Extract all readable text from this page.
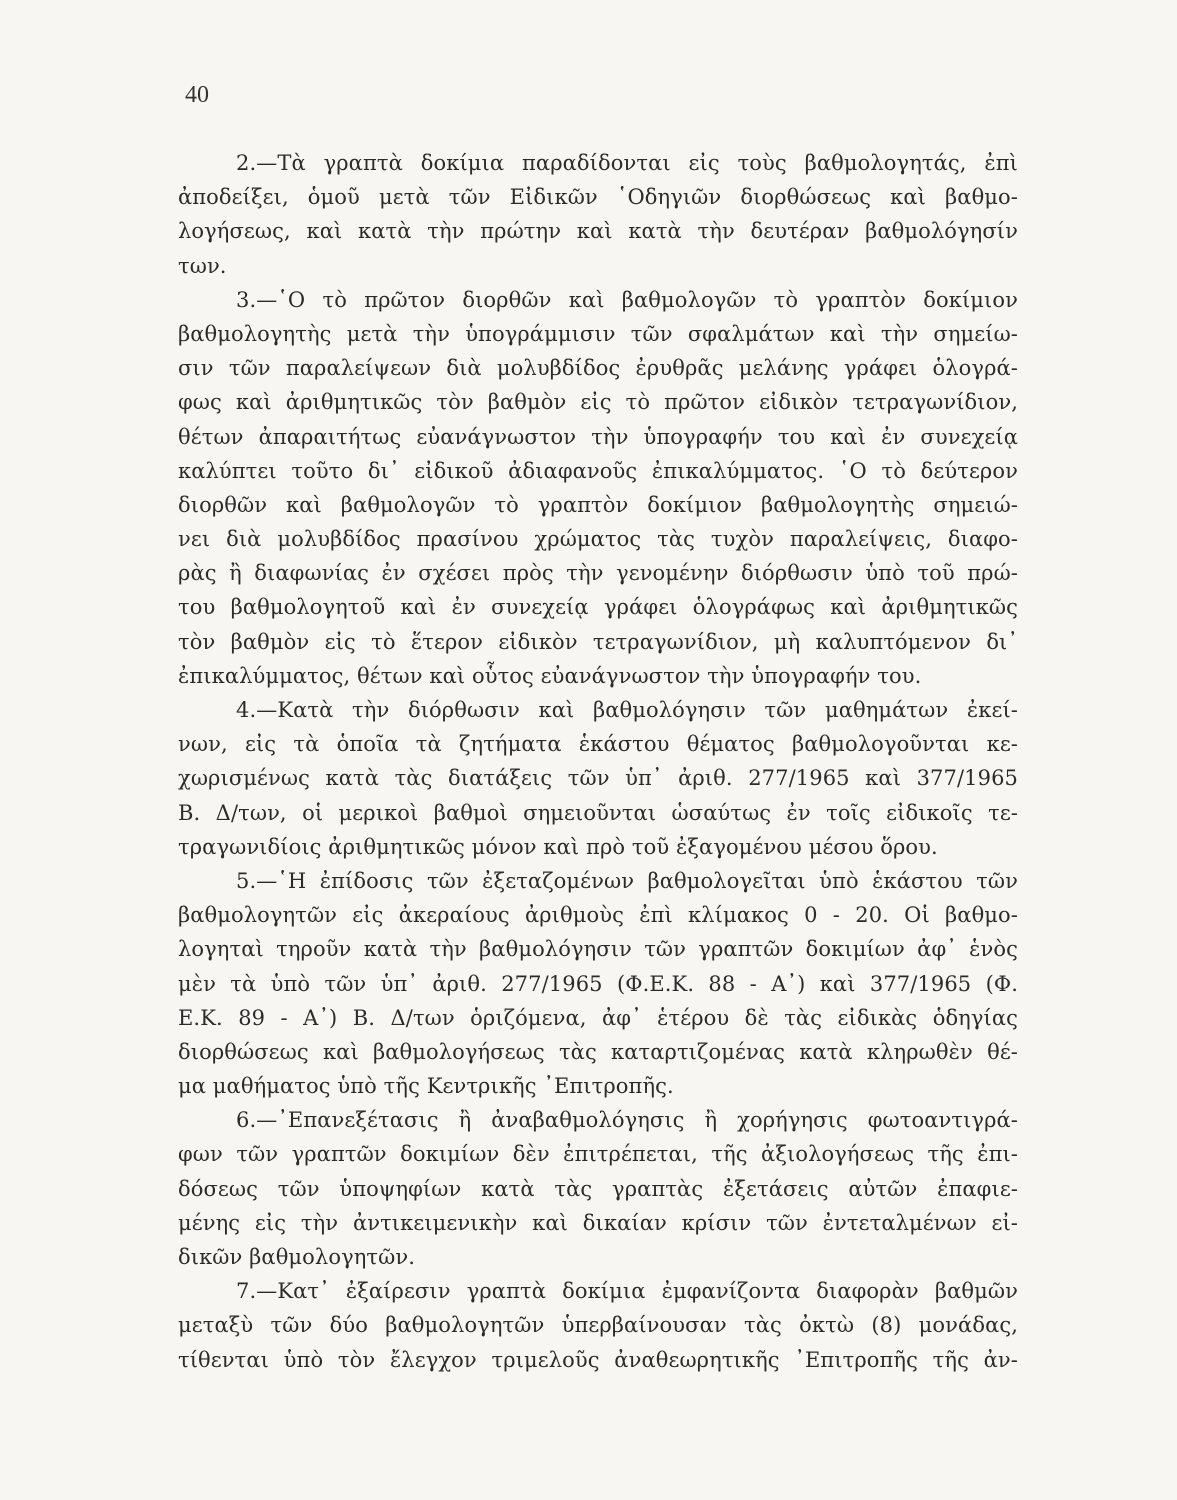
40
2.—Τὰ γραπτὰ δοκίμια παραδίδονται εἰς τοὺς βαθμολογητάς, ἐπὶ
ἀποδείξει, ὁμοῦ μετὰ τῶν Εἰδικῶν ῾Οδηγιῶν διορθώσεως καὶ βαθμο-
λογήσεως, καὶ κατὰ τὴν πρώτην καὶ κατὰ τὴν δευτέραν βαθμολόγησίν
των.
3.—῾Ο τὸ πρῶτον διορθῶν καὶ βαθμολογῶν τὸ γραπτὸν δοκίμιον
βαθμολογητὴς μετὰ τὴν ὑπογράμμισιν τῶν σφαλμάτων καὶ τὴν σημείω-
σιν τῶν παραλείψεων διὰ μολυβδίδος ἐρυθρᾶς μελάνης γράφει ὁλογρά-
φως καὶ ἀριθμητικῶς τὸν βαθμὸν εἰς τὸ πρῶτον εἰδικὸν τετραγωνίδιον,
θέτων ἀπαραιτήτως εὐανάγνωστον τὴν ὑπογραφήν του καὶ ἐν συνεχείᾳ
καλύπτει τοῦτο δι᾽ εἰδικοῦ ἀδιαφανοῦς ἐπικαλύμματος. ῾Ο τὸ δεύτερον
διορθῶν καὶ βαθμολογῶν τὸ γραπτὸν δοκίμιον βαθμολογητὴς σημειώ-
νει διὰ μολυβδίδος πρασίνου χρώματος τὰς τυχὸν παραλείψεις, διαφο-
ρὰς ἢ διαφωνίας ἐν σχέσει πρὸς τὴν γενομένην διόρθωσιν ὑπὸ τοῦ πρώ-
του βαθμολογητοῦ καὶ ἐν συνεχείᾳ γράφει ὁλογράφως καὶ ἀριθμητικῶς
τὸν βαθμὸν εἰς τὸ ἕτερον εἰδικὸν τετραγωνίδιον, μὴ καλυπτόμενον δι᾽
ἐπικαλύμματος, θέτων καὶ οὗτος εὐανάγνωστον τὴν ὑπογραφήν του.
4.—Κατὰ τὴν διόρθωσιν καὶ βαθμολόγησιν τῶν μαθημάτων ἐκεί-
νων, εἰς τὰ ὁποῖα τὰ ζητήματα ἑκάστου θέματος βαθμολογοῦνται κε-
χωρισμένως κατὰ τὰς διατάξεις τῶν ὑπ᾽ ἀριθ. 277/1965 καὶ 377/1965
Β. Δ/των, οἱ μερικοὶ βαθμοὶ σημειοῦνται ὡσαύτως ἐν τοῖς εἰδικοῖς τε-
τραγωνιδίοις ἀριθμητικῶς μόνον καὶ πρὸ τοῦ ἐξαγομένου μέσου ὅρου.
5.—῾Η ἐπίδοσις τῶν ἐξεταζομένων βαθμολογεῖται ὑπὸ ἑκάστου τῶν
βαθμολογητῶν εἰς ἀκεραίους ἀριθμοὺς ἐπὶ κλίμακος 0 - 20. Οἱ βαθμο-
λογηταὶ τηροῦν κατὰ τὴν βαθμολόγησιν τῶν γραπτῶν δοκιμίων ἀφ᾽ ἑνὸς
μὲν τὰ ὑπὸ τῶν ὑπ᾽ ἀριθ. 277/1965 (Φ.Ε.Κ. 88 - Α᾽) καὶ 377/1965 (Φ.
Ε.Κ. 89 - Α᾽) Β. Δ/των ὁριζόμενα, ἀφ᾽ ἑτέρου δὲ τὰς εἰδικὰς ὁδηγίας
διορθώσεως καὶ βαθμολογήσεως τὰς καταρτιζομένας κατὰ κληρωθὲν θέ-
μα μαθήματος ὑπὸ τῆς Κεντρικῆς ᾽Επιτροπῆς.
6.—᾽Επανεξέτασις ἢ ἀναβαθμολόγησις ἢ χορήγησις φωτοαντιγρά-
φων τῶν γραπτῶν δοκιμίων δὲν ἐπιτρέπεται, τῆς ἀξιολογήσεως τῆς ἐπι-
δόσεως τῶν ὑποψηφίων κατὰ τὰς γραπτὰς ἐξετάσεις αὐτῶν ἐπαφιε-
μένης εἰς τὴν ἀντικειμενικὴν καὶ δικαίαν κρίσιν τῶν ἐντεταλμένων εἰ-
δικῶν βαθμολογητῶν.
7.—Κατ᾽ ἐξαίρεσιν γραπτὰ δοκίμια ἐμφανίζοντα διαφορὰν βαθμῶν
μεταξὺ τῶν δύο βαθμολογητῶν ὑπερβαίνουσαν τὰς ὀκτὼ (8) μονάδας,
τίθενται ὑπὸ τὸν ἔλεγχον τριμελοῦς ἀναθεωρητικῆς ᾽Επιτροπῆς τῆς ἀν-
